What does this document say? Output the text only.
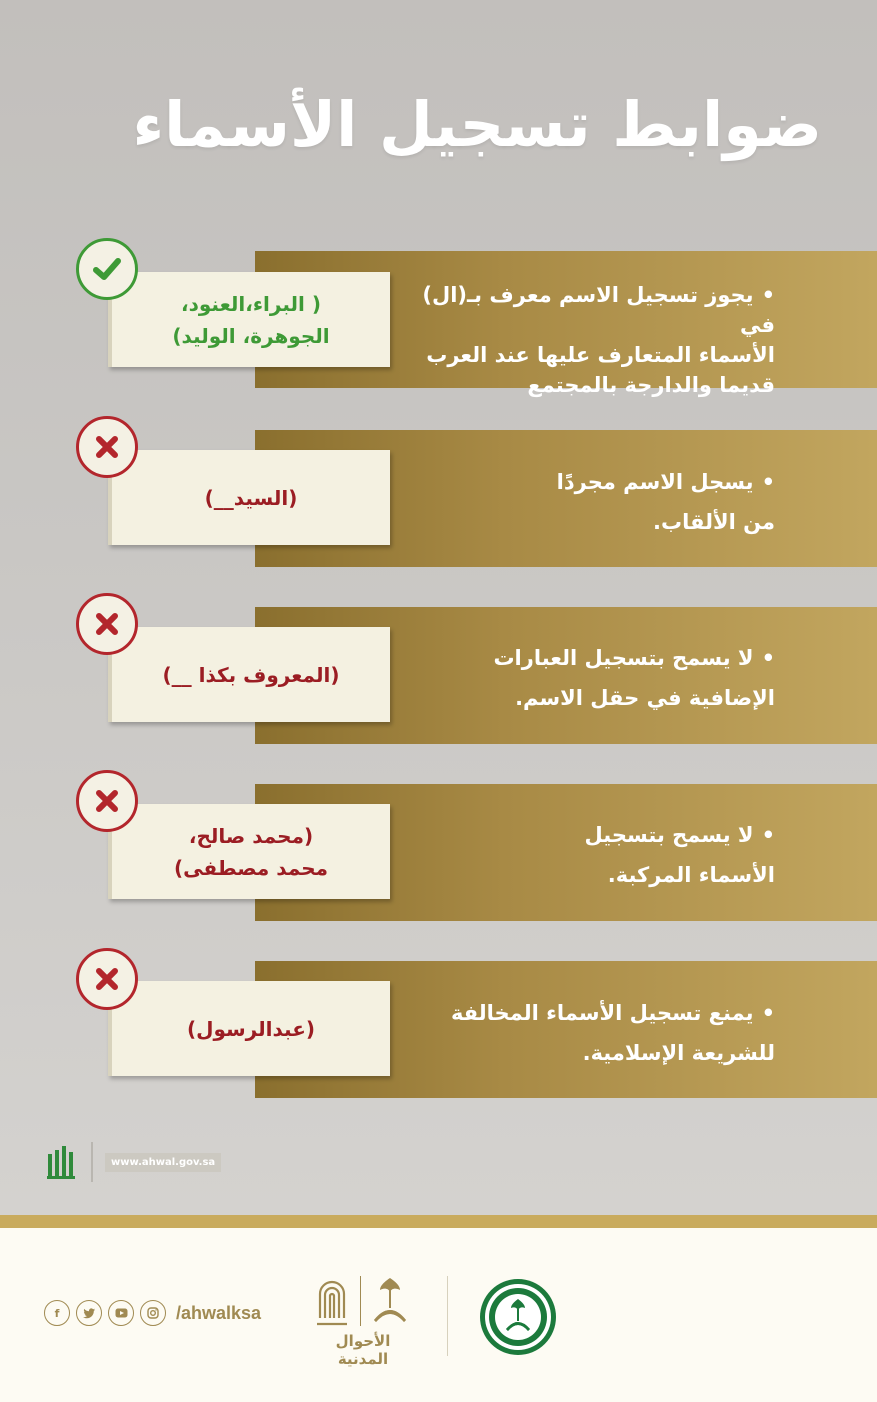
ضوابط تسجيل الأسماء
•يجوز تسجيل الاسم معرف بـ(ال) في
الأسماء المتعارف عليها عند العرب
قديما والدارجة بالمجتمع
( البراء،العنود،
الجوهرة، الوليد)
•يسجل الاسم مجردًا
من الألقاب.
(السيد__)
•لا يسمح بتسجيل العبارات
الإضافية في حقل الاسم.
(المعروف بكذا __)
•لا يسمح بتسجيل
الأسماء المركبة.
(محمد صالح،
محمد مصطفى)
•يمنع تسجيل الأسماء المخالفة
للشريعة الإسلامية.
(عبدالرسول)
www.ahwal.gov.sa
f	/ahwalksa
الأحوال المدنية
